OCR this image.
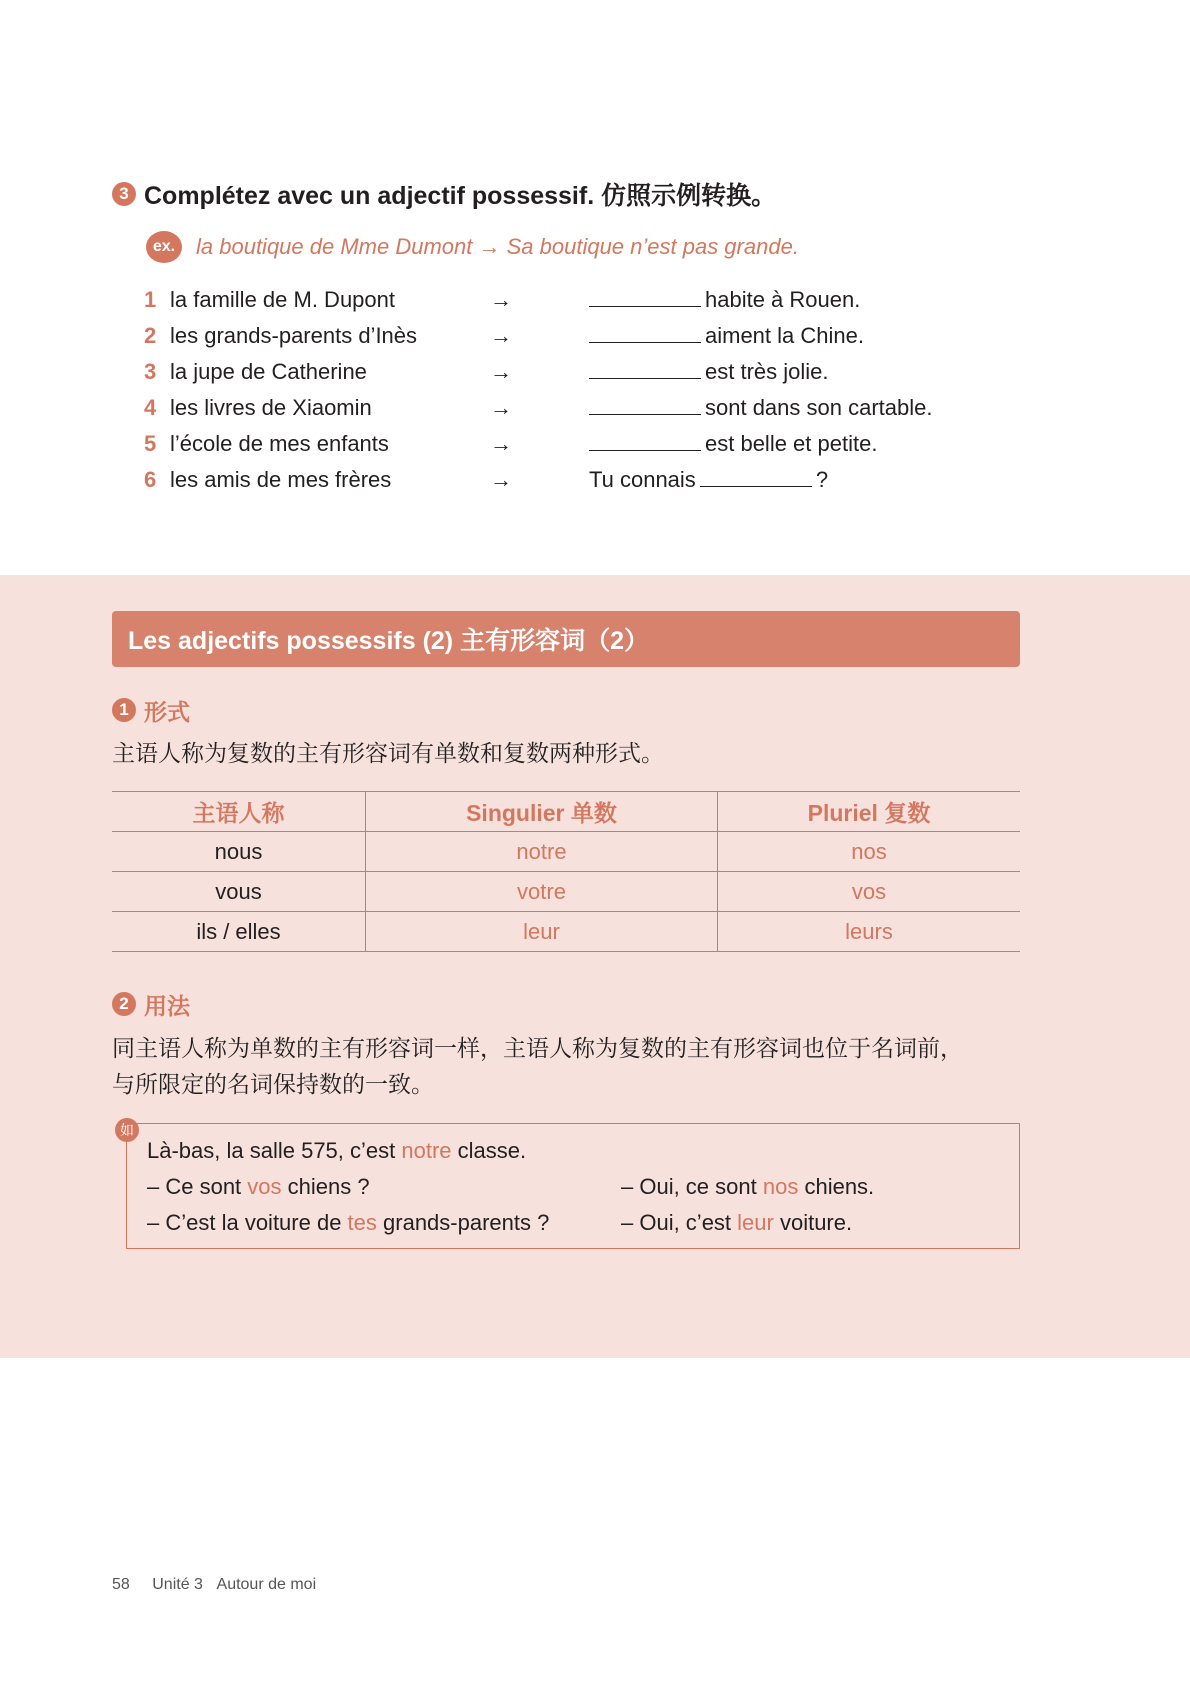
3 Complétez avec un adjectif possessif. 仿照示例转换。
ex. la boutique de Mme Dumont → Sa boutique n’est pas grande.
1 la famille de M. Dupont	→	habite à Rouen.
2 les grands-parents d’Inès	→	aiment la Chine.
3 la jupe de Catherine	→	est très jolie.
4 les livres de Xiaomin	→	sont dans son cartable.
5 l’école de mes enfants	→	est belle et petite.
6 les amis de mes frères	→	Tu connais	?
Les adjectifs possessifs (2) 主有形容词（2）
1 形式
主语人称为复数的主有形容词有单数和复数两种形式。
主语人称	Singulier 单数	Pluriel 复数
nous	notre	nos
vous	votre	vos
ils / elles	leur	leurs
2 用法
同主语人称为单数的主有形容词一样，主语人称为复数的主有形容词也位于名词前，
与所限定的名词保持数的一致。
如
Là-bas, la salle 575, c’est notre classe.
– Ce sont vos chiens ?	– Oui, ce sont nos chiens.
– C’est la voiture de tes grands-parents ?	– Oui, c’est leur voiture.
58 Unité 3 Autour de moi
